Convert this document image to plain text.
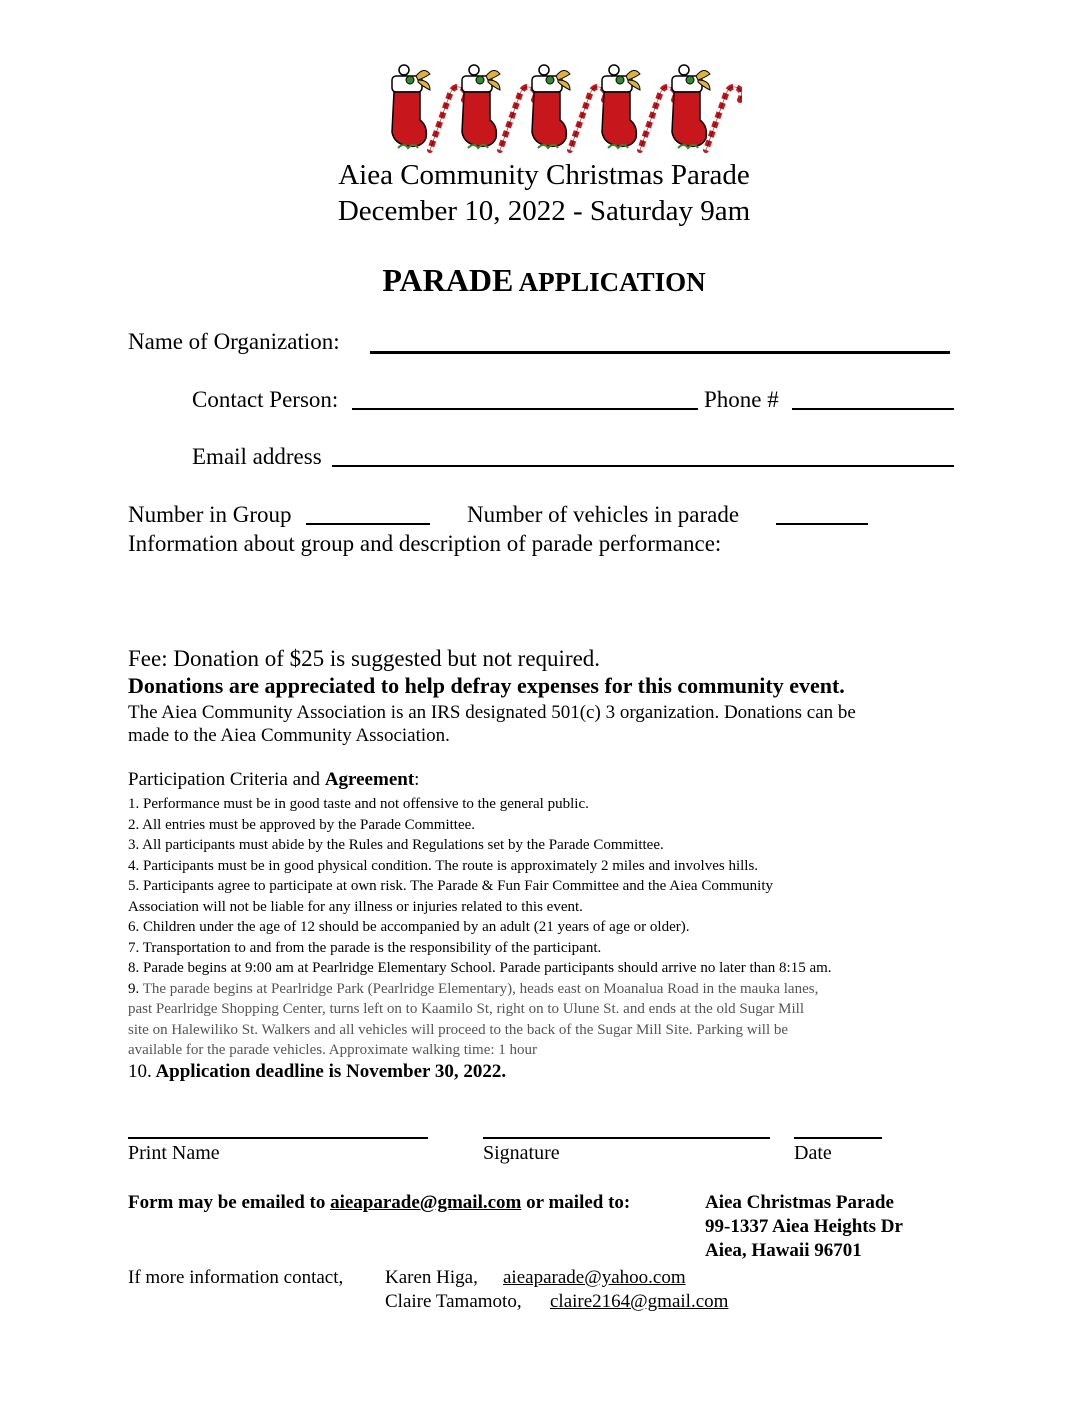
Aiea Community Christmas Parade
December 10, 2022 - Saturday 9am
PARADE APPLICATION
Name of Organization:
Contact Person:	Phone #
Email address
Number in Group	Number of vehicles in parade
Information about group and description of parade performance:
Fee: Donation of $25 is suggested but not required.
Donations are appreciated to help defray expenses for this community event.
The Aiea Community Association is an IRS designated 501(c) 3 organization. Donations can be
made to the Aiea Community Association.
Participation Criteria and Agreement:
1. Performance must be in good taste and not offensive to the general public.
2. All entries must be approved by the Parade Committee.
3. All participants must abide by the Rules and Regulations set by the Parade Committee.
4. Participants must be in good physical condition. The route is approximately 2 miles and involves hills.
5. Participants agree to participate at own risk. The Parade & Fun Fair Committee and the Aiea Community
Association will not be liable for any illness or injuries related to this event.
6. Children under the age of 12 should be accompanied by an adult (21 years of age or older).
7. Transportation to and from the parade is the responsibility of the participant.
8. Parade begins at 9:00 am at Pearlridge Elementary School. Parade participants should arrive no later than 8:15 am.
9. The parade begins at Pearlridge Park (Pearlridge Elementary), heads east on Moanalua Road in the mauka lanes,
past Pearlridge Shopping Center, turns left on to Kaamilo St, right on to Ulune St. and ends at the old Sugar Mill
site on Halewiliko St. Walkers and all vehicles will proceed to the back of the Sugar Mill Site. Parking will be
available for the parade vehicles. Approximate walking time: 1 hour
10. Application deadline is November 30, 2022.
Print Name	Signature	Date
Form may be emailed to aieaparade@gmail.com or mailed to:	Aiea Christmas Parade
99-1337 Aiea Heights Dr
Aiea, Hawaii 96701
If more information contact, Karen Higa, aieaparade@yahoo.com
Claire Tamamoto, claire2164@gmail.com
